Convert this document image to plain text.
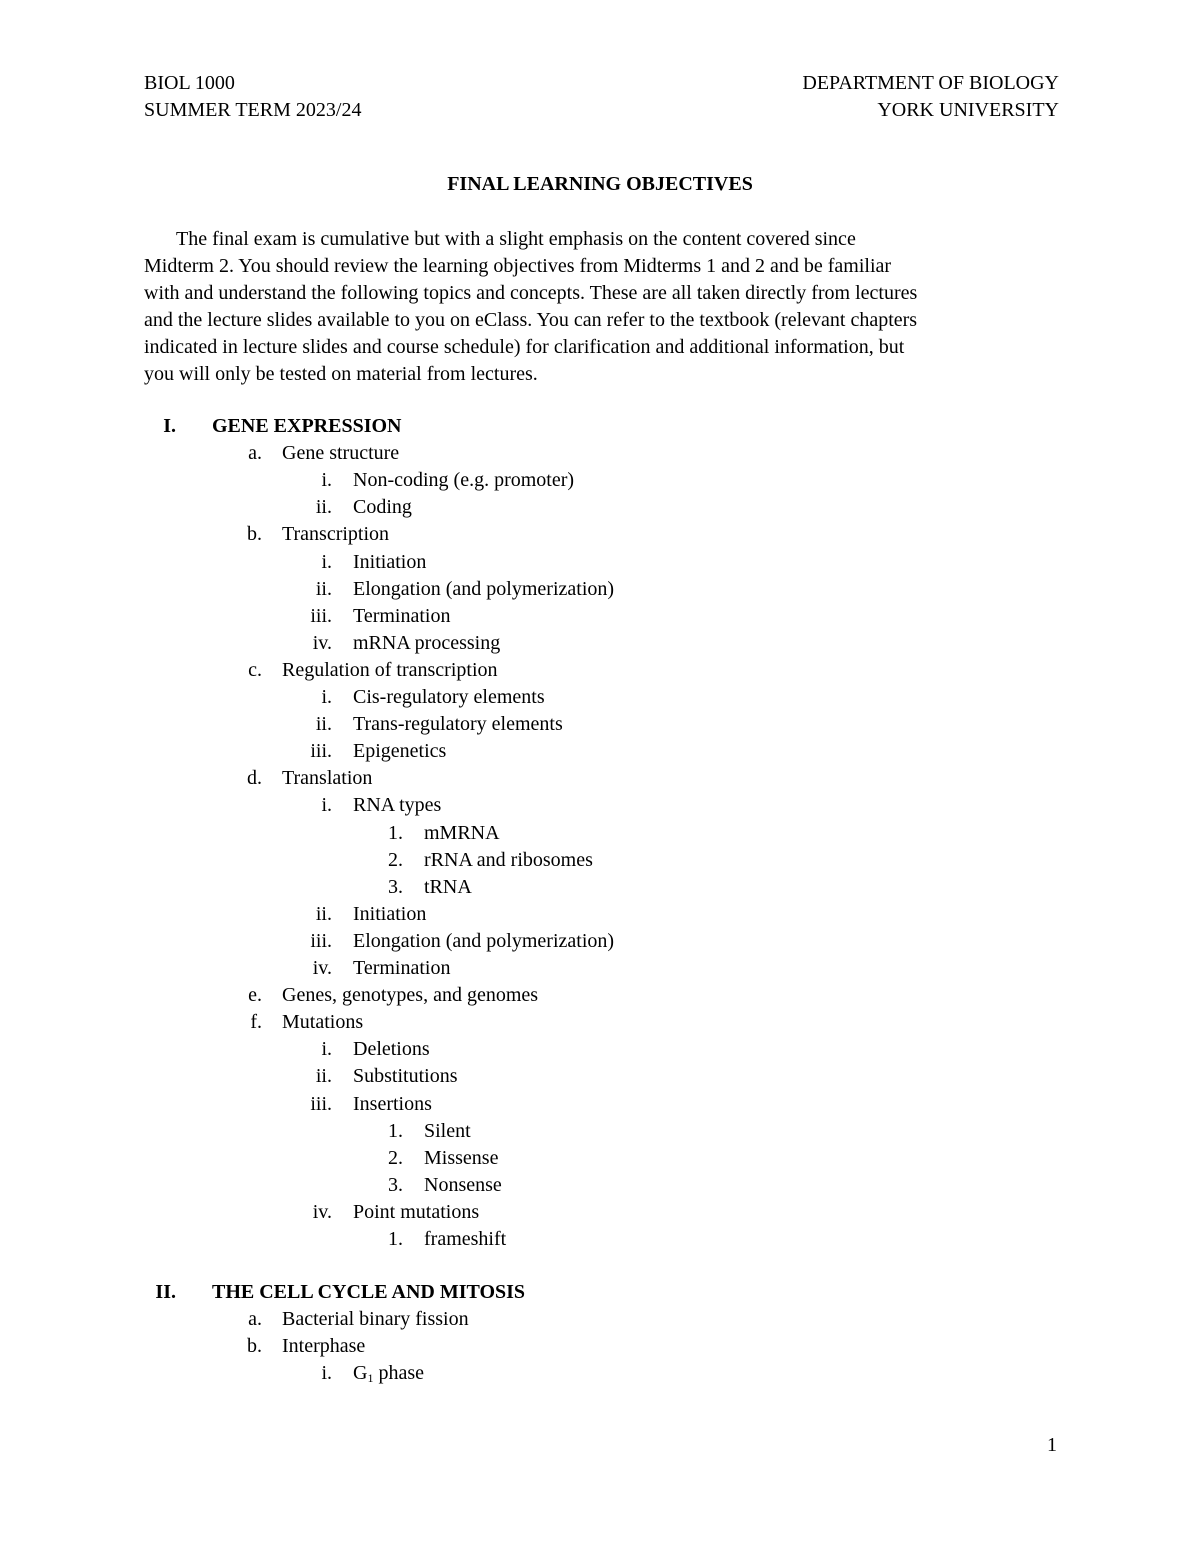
BIOL 1000
SUMMER TERM 2023/24
DEPARTMENT OF BIOLOGY
YORK UNIVERSITY
FINAL LEARNING OBJECTIVES
The final exam is cumulative but with a slight emphasis on the content covered since
Midterm 2. You should review the learning objectives from Midterms 1 and 2 and be familiar
with and understand the following topics and concepts. These are all taken directly from lectures
and the lecture slides available to you on eClass. You can refer to the textbook (relevant chapters
indicated in lecture slides and course schedule) for clarification and additional information, but
you will only be tested on material from lectures.
I. GENE EXPRESSION
a. Gene structure
i. Non-coding (e.g. promoter)
ii. Coding
b. Transcription
i. Initiation
ii. Elongation (and polymerization)
iii. Termination
iv. mRNA processing
c. Regulation of transcription
i. Cis-regulatory elements
ii. Trans-regulatory elements
iii. Epigenetics
d. Translation
i. RNA types
1. mMRNA
2. rRNA and ribosomes
3. tRNA
ii. Initiation
iii. Elongation (and polymerization)
iv. Termination
e. Genes, genotypes, and genomes
f. Mutations
i. Deletions
ii. Substitutions
iii. Insertions
1. Silent
2. Missense
3. Nonsense
iv. Point mutations
1. frameshift
II. THE CELL CYCLE AND MITOSIS
a. Bacterial binary fission
b. Interphase
i. $G_1$ phase
1
